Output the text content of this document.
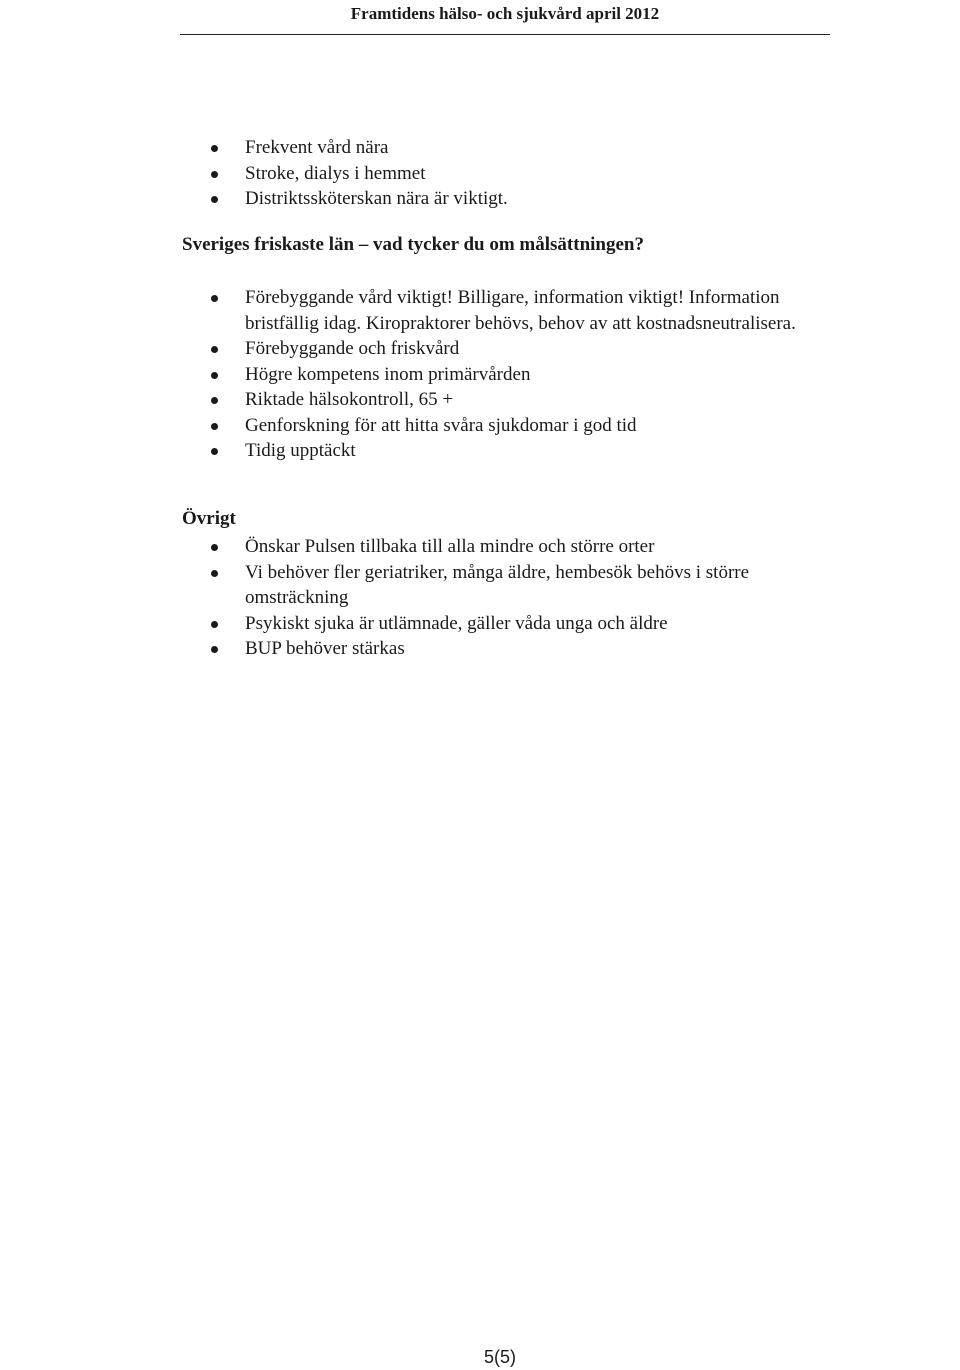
Framtidens hälso- och sjukvård april 2012
Frekvent vård nära
Stroke, dialys i hemmet
Distriktssköterskan nära är viktigt.
Sveriges friskaste län – vad tycker du om målsättningen?
Förebyggande vård viktigt! Billigare, information viktigt! Information bristfällig idag. Kiropraktorer behövs, behov av att kostnadsneutralisera.
Förebyggande och friskvård
Högre kompetens inom primärvården
Riktade hälsokontroll, 65 +
Genforskning för att hitta svåra sjukdomar i god tid
Tidig upptäckt
Övrigt
Önskar Pulsen tillbaka till alla mindre och större orter
Vi behöver fler geriatriker, många äldre, hembesök behövs i större omsträckning
Psykiskt sjuka är utlämnade, gäller våda unga och äldre
BUP behöver stärkas
5(5)
